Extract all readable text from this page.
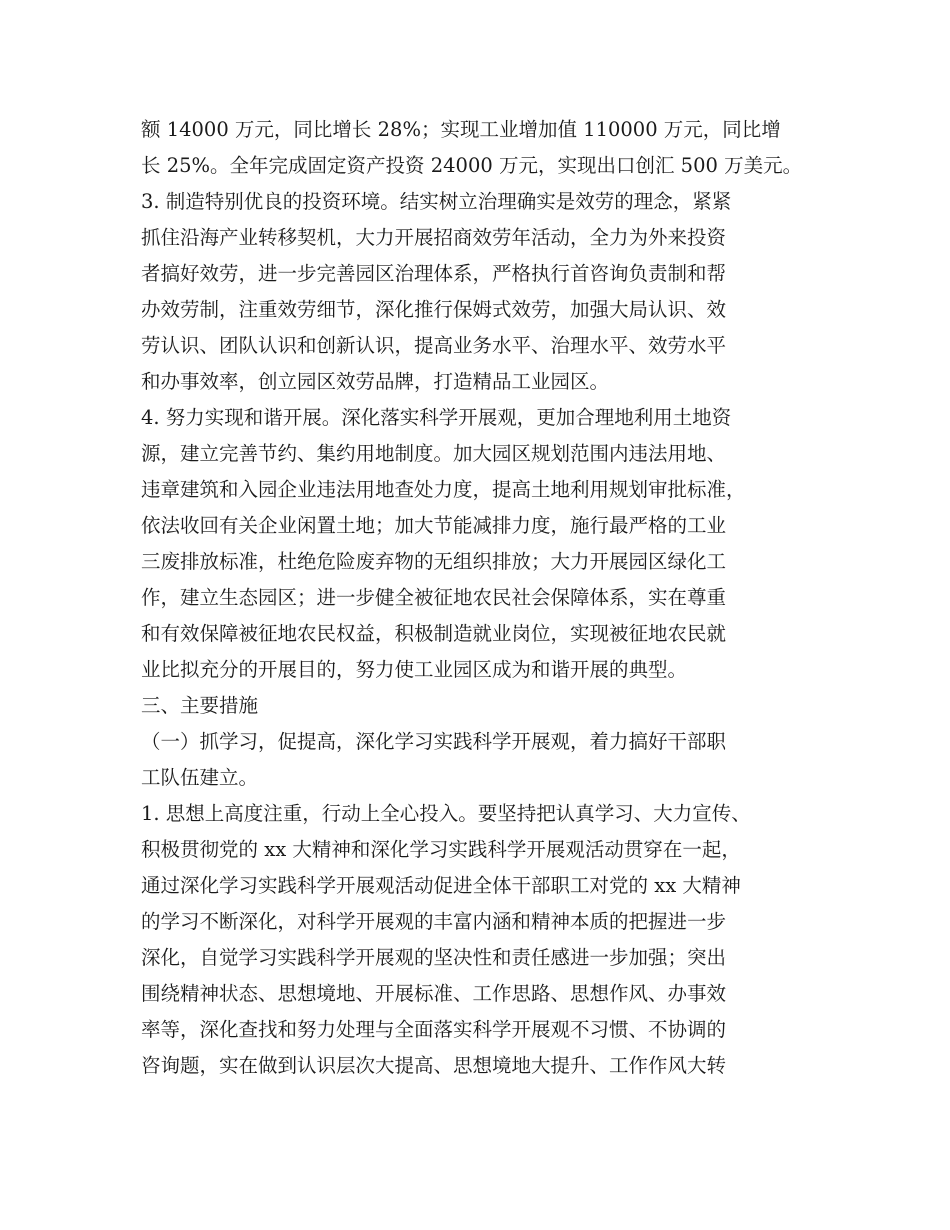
额 14000 万元，同比增长 28%；实现工业增加值 110000 万元，同比增
长 25%。全年完成固定资产投资 24000 万元，实现出口创汇 500 万美元。
3. 制造特别优良的投资环境。结实树立治理确实是效劳的理念，紧紧
抓住沿海产业转移契机，大力开展招商效劳年活动，全力为外来投资
者搞好效劳，进一步完善园区治理体系，严格执行首咨询负责制和帮
办效劳制，注重效劳细节，深化推行保姆式效劳，加强大局认识、效
劳认识、团队认识和创新认识，提高业务水平、治理水平、效劳水平
和办事效率，创立园区效劳品牌，打造精品工业园区。
4. 努力实现和谐开展。深化落实科学开展观，更加合理地利用土地资
源，建立完善节约、集约用地制度。加大园区规划范围内违法用地、
违章建筑和入园企业违法用地查处力度，提高土地利用规划审批标准，
依法收回有关企业闲置土地；加大节能减排力度，施行最严格的工业
三废排放标准，杜绝危险废弃物的无组织排放；大力开展园区绿化工
作，建立生态园区；进一步健全被征地农民社会保障体系，实在尊重
和有效保障被征地农民权益，积极制造就业岗位，实现被征地农民就
业比拟充分的开展目的，努力使工业园区成为和谐开展的典型。
三、主要措施
（一）抓学习，促提高，深化学习实践科学开展观，着力搞好干部职
工队伍建立。
1. 思想上高度注重，行动上全心投入。要坚持把认真学习、大力宣传、
积极贯彻党的 xx 大精神和深化学习实践科学开展观活动贯穿在一起，
通过深化学习实践科学开展观活动促进全体干部职工对党的 xx 大精神
的学习不断深化，对科学开展观的丰富内涵和精神本质的把握进一步
深化，自觉学习实践科学开展观的坚决性和责任感进一步加强；突出
围绕精神状态、思想境地、开展标准、工作思路、思想作风、办事效
率等，深化查找和努力处理与全面落实科学开展观不习惯、不协调的
咨询题，实在做到认识层次大提高、思想境地大提升、工作作风大转
